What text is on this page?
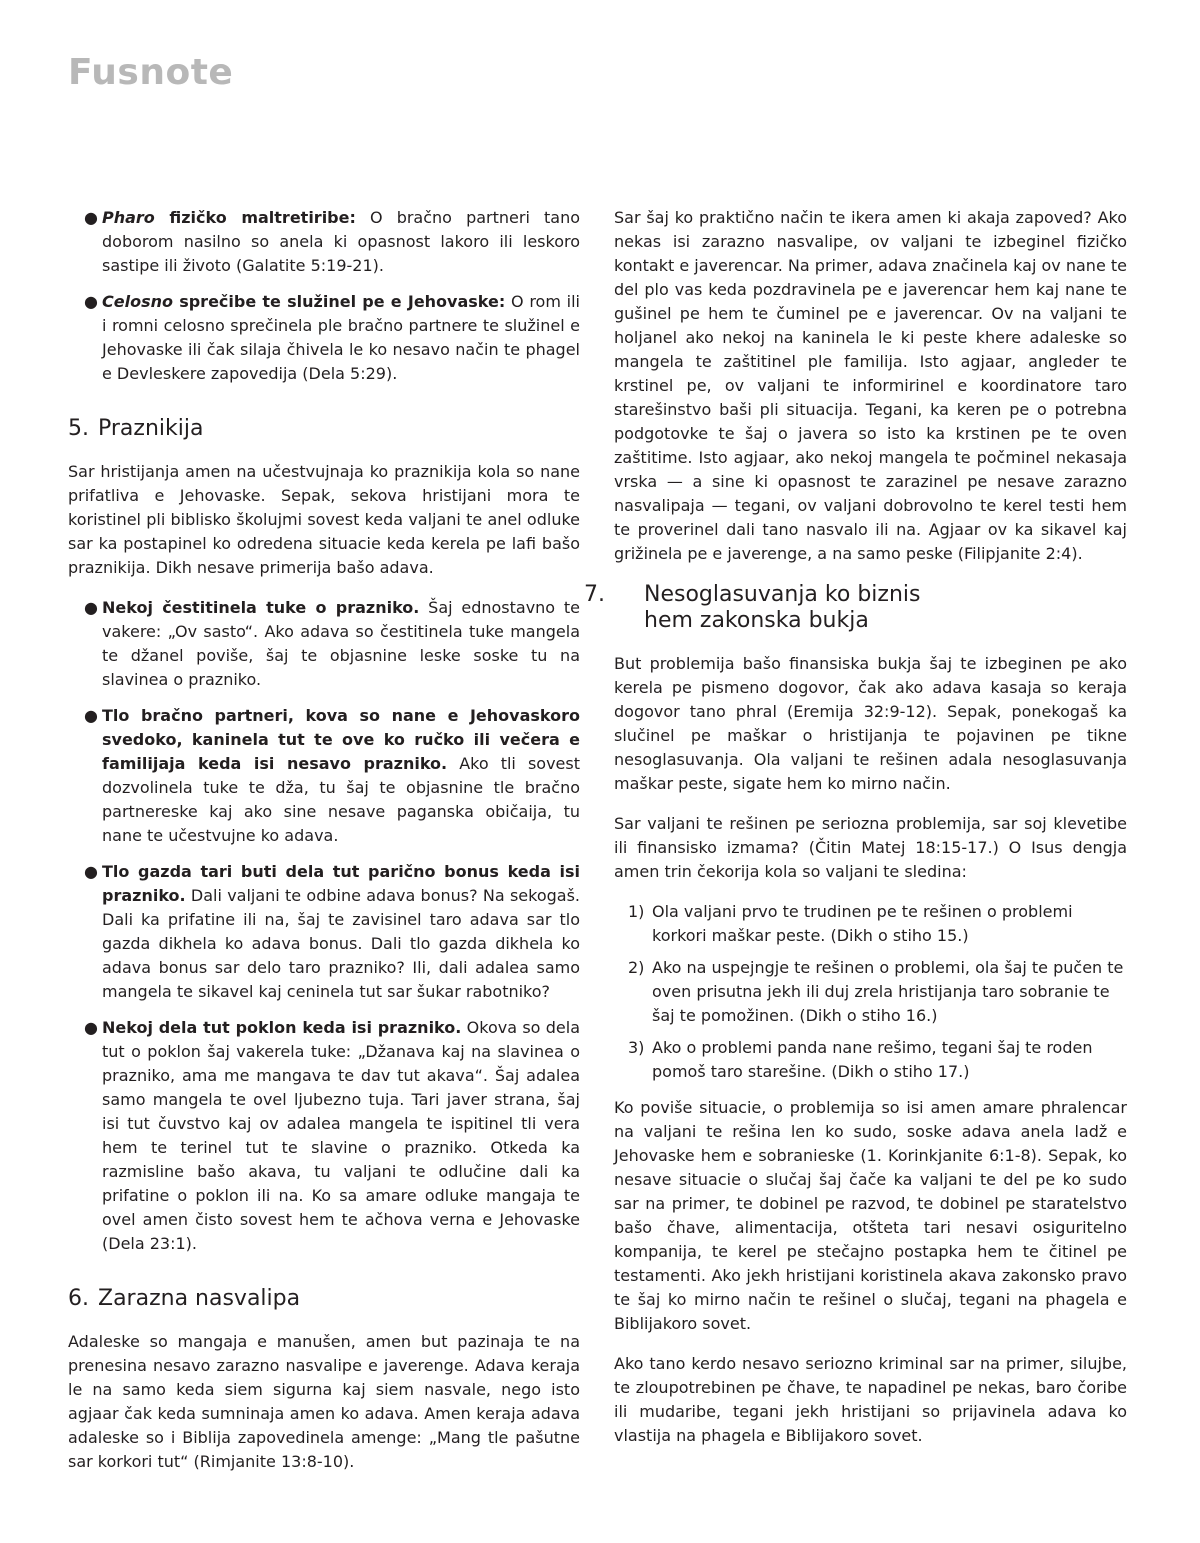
Fusnote
● Pharo fizičko maltretiribe: O bračno partneri tano doborom nasilno so anela ki opasnost lakoro ili leskoro sastipe ili životo (Galatite 5:19-21).
● Celosno sprečibe te služinel pe e Jehovaske: O rom ili i romni celosno sprečinela ple bračno partnere te služinel e Jehovaske ili čak silaja čhivela le ko nesavo način te phagel e Devleskere zapovedija (Dela 5:29).
5. Praznikija

Sar hristijanja amen na učestvujnaja ko praznikija kola so nane prifatliva e Jehovaske. Sepak, sekova hristijani mora te koristinel pli biblisko školujmi sovest keda valjani te anel odluke sar ka postapinel ko odredena situacie keda kerela pe lafi bašo praznikija. Dikh nesave primerija bašo adava.

● Nekoj čestitinela tuke o prazniko. Šaj ednostavno te vakere: „Ov sasto“. Ako adava so čestitinela tuke mangela te džanel poviše, šaj te objasnine leske soske tu na slavinea o prazniko.
● Tlo bračno partneri, kova so nane e Jehovaskoro svedoko, kaninela tut te ove ko ručko ili večera e familijaja keda isi nesavo prazniko. Ako tli sovest dozvolinela tuke te dža, tu šaj te objasnine tle bračno partnereske kaj ako sine nesave paganska običaija, tu nane te učestvujne ko adava.
● Tlo gazda tari buti dela tut parično bonus keda isi prazniko. Dali valjani te odbine adava bonus? Na sekogaš. Dali ka prifatine ili na, šaj te zavisinel taro adava sar tlo gazda dikhela ko adava bonus. Dali tlo gazda dikhela ko adava bonus sar delo taro prazniko? Ili, dali adalea samo mangela te sikavel kaj ceninela tut sar šukar rabotniko?
● Nekoj dela tut poklon keda isi prazniko. Okova so dela tut o poklon šaj vakerela tuke: „Džanava kaj na slavinea o prazniko, ama me mangava te dav tut akava“. Šaj adalea samo mangela te ovel ljubezno tuja. Tari javer strana, šaj isi tut čuvstvo kaj ov adalea mangela te ispitinel tli vera hem te terinel tut te slavine o prazniko. Otkeda ka razmisline bašo akava, tu valjani te odlučine dali ka prifatine o poklon ili na. Ko sa amare odluke mangaja te ovel amen čisto sovest hem te ačhova verna e Jehovaske (Dela 23:1).
6. Zarazna nasvalipa

Adaleske so mangaja e manušen, amen but pazinaja te na prenesina nesavo zarazno nasvalipe e javerenge. Adava keraja le na samo keda siem sigurna kaj siem nasvale, nego isto agjaar čak keda sumninaja amen ko adava. Amen keraja adava adaleske so i Biblija zapovedinela amenge: „Mang tle pašutne sar korkori tut“ (Rimjanite 13:8-10).

Sar šaj ko praktično način te ikera amen ki akaja zapoved? Ako nekas isi zarazno nasvalipe, ov valjani te izbeginel fizičko kontakt e javerencar. Na primer, adava značinela kaj ov nane te del plo vas keda pozdravinela pe e javerencar hem kaj nane te gušinel pe hem te čuminel pe e javerencar. Ov na valjani te holjanel ako nekoj na kaninela le ki peste khere adaleske so mangela te zaštitinel ple familija. Isto agjaar, angleder te krstinel pe, ov valjani te informirinel e koordinatore taro starešinstvo baši pli situacija. Tegani, ka keren pe o potrebna podgotovke te šaj o javera so isto ka krstinen pe te oven zaštitime. Isto agjaar, ako nekoj mangela te počminel nekasaja vrska — a sine ki opasnost te zarazinel pe nesave zarazno nasvalipaja — tegani, ov valjani dobrovolno te kerel testi hem te proverinel dali tano nasvalo ili na. Agjaar ov ka sikavel kaj grižinela pe e javerenge, a na samo peske (Filipjanite 2:4).

7. Nesoglasuvanja ko biznis
hem zakonska bukja

But problemija bašo finansiska bukja šaj te izbeginen pe ako kerela pe pismeno dogovor, čak ako adava kasaja so keraja dogovor tano phral (Eremija 32:9-12). Sepak, ponekogaš ka slučinel pe maškar o hristijanja te pojavinen pe tikne nesoglasuvanja. Ola valjani te rešinen adala nesoglasuvanja maškar peste, sigate hem ko mirno način.

Sar valjani te rešinen pe seriozna problemija, sar soj klevetibe ili finansisko izmama? (Čitin Matej 18:15-17.) O Isus dengja amen trin čekorija kola so valjani te sledina:

1) Ola valjani prvo te trudinen pe te rešinen o problemi korkori maškar peste. (Dikh o stiho 15.)
2) Ako na uspejngje te rešinen o problemi, ola šaj te pučen te oven prisutna jekh ili duj zrela hristijanja taro sobranie te šaj te pomožinen. (Dikh o stiho 16.)
3) Ako o problemi panda nane rešimo, tegani šaj te roden pomoš taro starešine. (Dikh o stiho 17.)

Ko poviše situacie, o problemija so isi amen amare phralencar na valjani te rešina len ko sudo, soske adava anela ladž e Jehovaske hem e sobranieske (1. Korinkjanite 6:1-8). Sepak, ko nesave situacie o slučaj šaj čače ka valjani te del pe ko sudo sar na primer, te dobinel pe razvod, te dobinel pe staratelstvo bašo čhave, alimentacija, otšteta tari nesavi osiguritelno kompanija, te kerel pe stečajno postapka hem te čitinel pe testamenti. Ako jekh hristijani koristinela akava zakonsko pravo te šaj ko mirno način te rešinel o slučaj, tegani na phagela e Biblijakoro sovet.

Ako tano kerdo nesavo seriozno kriminal sar na primer, silujbe, te zloupotrebinen pe čhave, te napadinel pe nekas, baro čoribe ili mudaribe, tegani jekh hristijani so prijavinela adava ko vlastija na phagela e Biblijakoro sovet.
